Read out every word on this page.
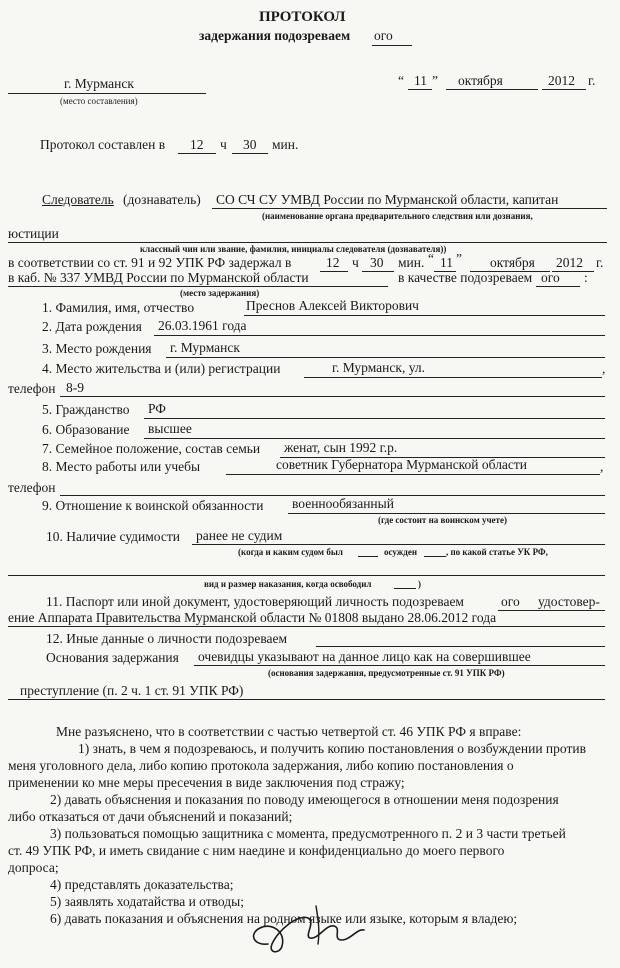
ПРОТОКОЛ
задержания подозреваем ого
г. Мурманск
(место составления)
“ 11 ” октября	2012 г.
Протокол составлен в 12 ч 30 мин.
Следователь (дознаватель) СО СЧ СУ УМВД России по Мурманской области, капитан
(наименование органа предварительного следствия или дознания,
юстиции
классный чин или звание, фамилия, инициалы следователя (дознавателя))
в соответствии со ст. 91 и 92 УПК РФ задержал в	12 ч 30 мин. “ 11 ” октября 2012 г.
в каб. № 337 УМВД России по Мурманской области	в качестве подозреваем ого :
(место задержания)
1. Фамилия, имя, отчество	Преснов Алексей Викторович
2. Дата рождения 26.03.1961 года
3. Место рождения г. Мурманск
4. Место жительства и (или) регистрации	г. Мурманск, ул.	,
телефон 8-9
5. Гражданство РФ
6. Образование высшее
7. Семейное положение, состав семьи женат, сын 1992 г.р.
8. Место работы или учебы	советник Губернатора Мурманской области	,
телефон
9. Отношение к воинской обязанности военнообязанный
(где состоит на воинском учете)
10. Наличие судимости ранее не судим
(когда и каким судом был	осужден	, по какой статье УК РФ,
вид и размер наказания, когда освободил	)
11. Паспорт или иной документ, удостоверяющий личность подозреваем	ого удостовер-
ение Аппарата Правительства Мурманской области № 01808 выдано 28.06.2012 года
12. Иные данные о личности подозреваем
Основания задержания очевидцы указывают на данное лицо как на совершившее
(основания задержания, предусмотренные ст. 91 УПК РФ)
преступление (п. 2 ч. 1 ст. 91 УПК РФ)
Мне разъяснено, что в соответствии с частью четвертой ст. 46 УПК РФ я вправе:
1) знать, в чем я подозреваюсь, и получить копию постановления о возбуждении против
меня уголовного дела, либо копию протокола задержания, либо копию постановления о
применении ко мне меры пресечения в виде заключения под стражу;
2) давать объяснения и показания по поводу имеющегося в отношении меня подозрения
либо отказаться от дачи объяснений и показаний;
3) пользоваться помощью защитника с момента, предусмотренного п. 2 и 3 части третьей
ст. 49 УПК РФ, и иметь свидание с ним наедине и конфиденциально до моего первого
допроса;
4) представлять доказательства;
5) заявлять ходатайства и отводы;
6) давать показания и объяснения на родном языке или языке, которым я владею;
